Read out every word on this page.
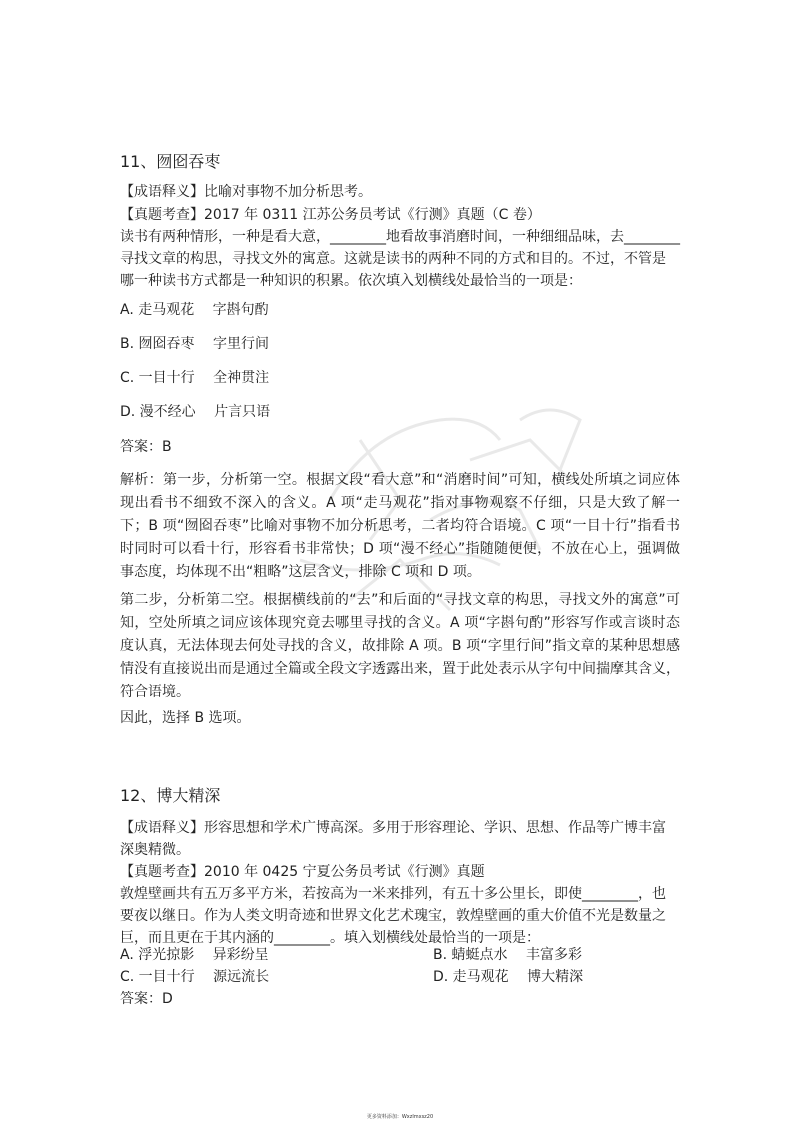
11、囫囵吞枣
【成语释义】比喻对事物不加分析思考。
【真题考查】2017 年 0311 江苏公务员考试《行测》真题（C 卷）
读书有两种情形，一种是看大意，________地看故事消磨时间，一种细细品味，去________
寻找文章的构思，寻找文外的寓意。这就是读书的两种不同的方式和目的。不过，不管是
哪一种读书方式都是一种知识的积累。依次填入划横线处最恰当的一项是：
A. 走马观花　 字斟句酌
B. 囫囵吞枣　 字里行间
C. 一目十行　 全神贯注
D. 漫不经心　 片言只语
答案：B

解析：第一步，分析第一空。根据文段“看大意”和“消磨时间”可知，横线处所填之词应体现出看书不细致不深入的含义。A 项“走马观花”指对事物观察不仔细，只是大致了解一下；B 项“囫囵吞枣”比喻对事物不加分析思考，二者均符合语境。C 项“一目十行”指看书时同时可以看十行，形容看书非常快；D 项“漫不经心”指随随便便，不放在心上，强调做事态度，均体现不出“粗略”这层含义，排除 C 项和 D 项。

第二步，分析第二空。根据横线前的“去”和后面的“寻找文章的构思，寻找文外的寓意”可知，空处所填之词应该体现究竟去哪里寻找的含义。A 项“字斟句酌”形容写作或言谈时态度认真，无法体现去何处寻找的含义，故排除 A 项。B 项“字里行间”指文章的某种思想感情没有直接说出而是通过全篇或全段文字透露出来，置于此处表示从字句中间揣摩其含义，符合语境。

因此，选择 B 选项。
12、博大精深
【成语释义】形容思想和学术广博高深。多用于形容理论、学识、思想、作品等广博丰富
深奥精微。
【真题考查】2010 年 0425 宁夏公务员考试《行测》真题
敦煌壁画共有五万多平方米，若按高为一米来排列，有五十多公里长，即使________，也
要夜以继日。作为人类文明奇迹和世界文化艺术瑰宝，敦煌壁画的重大价值不光是数量之
巨，而且更在于其内涵的________。填入划横线处最恰当的一项是：
A. 浮光掠影　 异彩纷呈	B. 蜻蜓点水　 丰富多彩
C. 一目十行　 源远流长	D. 走马观花　 博大精深
答案：D
更多资料添加：Wxzlmxsz20
